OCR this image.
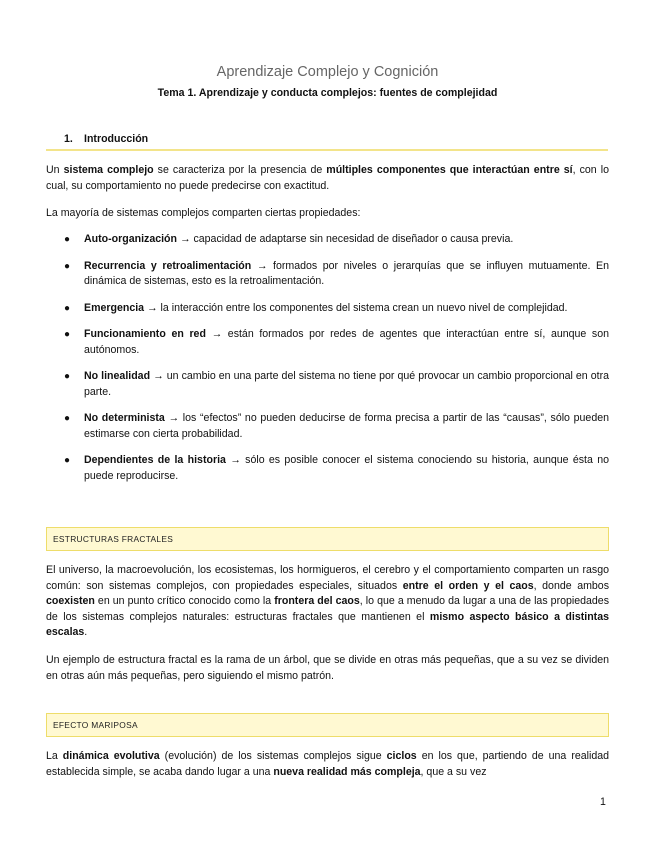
Aprendizaje Complejo y Cognición
Tema 1. Aprendizaje y conducta complejos: fuentes de complejidad
1. Introducción

Un sistema complejo se caracteriza por la presencia de múltiples componentes que interactúan entre sí, con lo cual, su comportamiento no puede predecirse con exactitud.

La mayoría de sistemas complejos comparten ciertas propiedades:

● Auto-organización → capacidad de adaptarse sin necesidad de diseñador o causa previa.
● Recurrencia y retroalimentación → formados por niveles o jerarquías que se influyen mutuamente. En dinámica de sistemas, esto es la retroalimentación.
● Emergencia → la interacción entre los componentes del sistema crean un nuevo nivel de complejidad.
● Funcionamiento en red → están formados por redes de agentes que interactúan entre sí, aunque son autónomos.
● No linealidad → un cambio en una parte del sistema no tiene por qué provocar un cambio proporcional en otra parte.
● No determinista → los “efectos” no pueden deducirse de forma precisa a partir de las “causas”, sólo pueden estimarse con cierta probabilidad.
● Dependientes de la historia → sólo es posible conocer el sistema conociendo su historia, aunque ésta no puede reproducirse.
ESTRUCTURAS FRACTALES

El universo, la macroevolución, los ecosistemas, los hormigueros, el cerebro y el comportamiento comparten un rasgo común: son sistemas complejos, con propiedades especiales, situados entre el orden y el caos, donde ambos coexisten en un punto crítico conocido como la frontera del caos, lo que a menudo da lugar a una de las propiedades de los sistemas complejos naturales: estructuras fractales que mantienen el mismo aspecto básico a distintas escalas.

Un ejemplo de estructura fractal es la rama de un árbol, que se divide en otras más pequeñas, que a su vez se dividen en otras aún más pequeñas, pero siguiendo el mismo patrón.

EFECTO MARIPOSA

La dinámica evolutiva (evolución) de los sistemas complejos sigue ciclos en los que, partiendo de una realidad establecida simple, se acaba dando lugar a una nueva realidad más compleja, que a su vez

1
